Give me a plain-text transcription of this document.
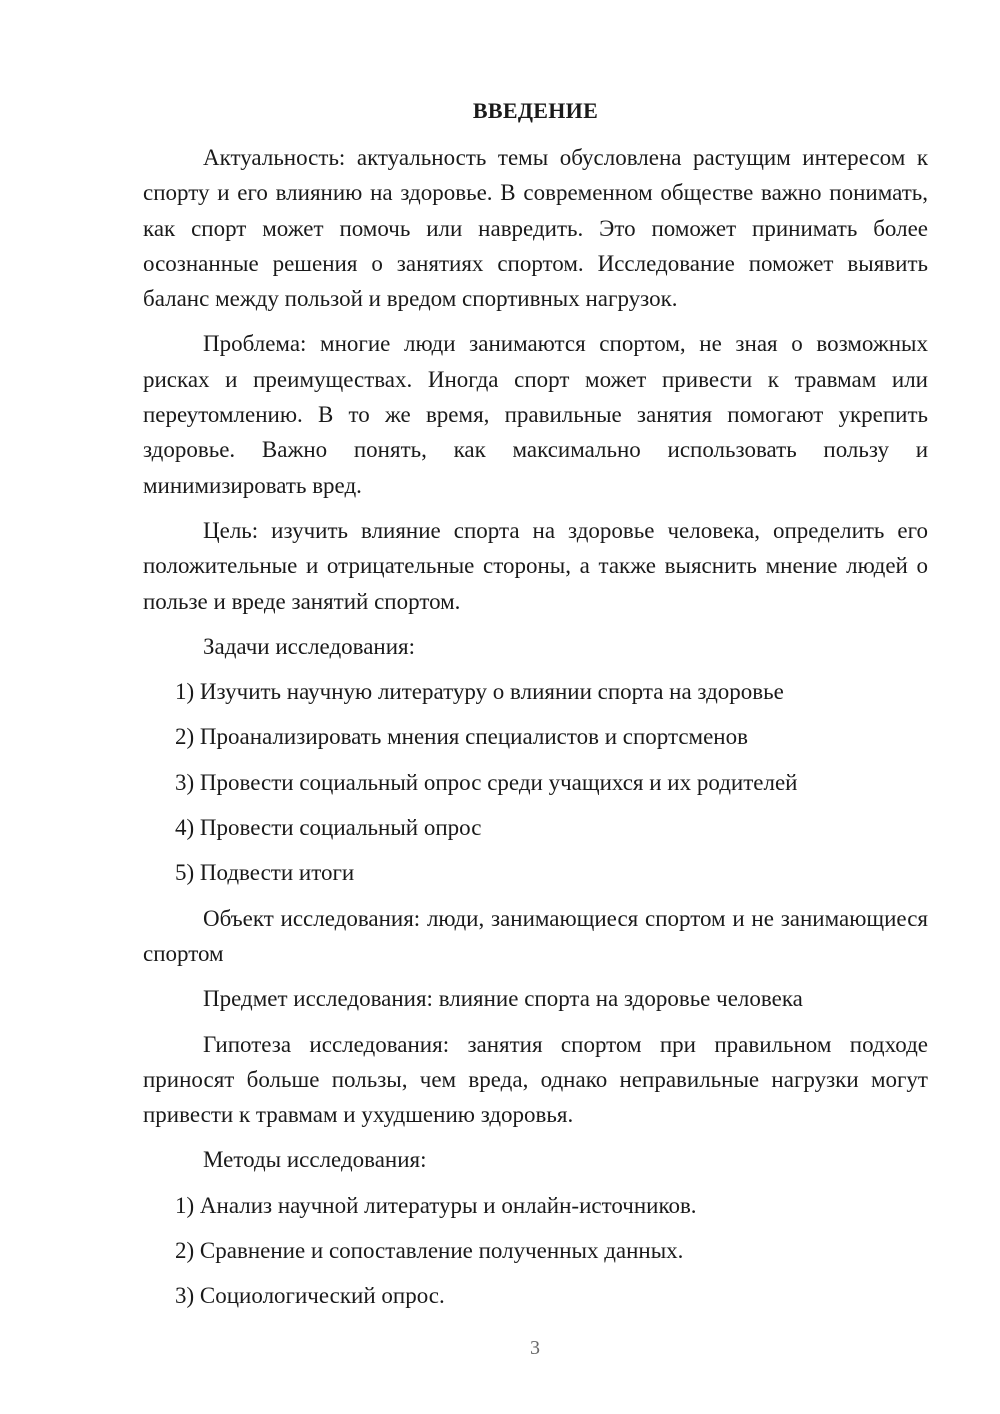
ВВЕДЕНИЕ
Актуальность: актуальность темы обусловлена растущим интересом к спорту и его влиянию на здоровье. В современном обществе важно понимать, как спорт может помочь или навредить. Это поможет принимать более осознанные решения о занятиях спортом. Исследование поможет выявить баланс между пользой и вредом спортивных нагрузок.
Проблема: многие люди занимаются спортом, не зная о возможных рисках и преимуществах. Иногда спорт может привести к травмам или переутомлению. В то же время, правильные занятия помогают укрепить здоровье. Важно понять, как максимально использовать пользу и минимизировать вред.
Цель: изучить влияние спорта на здоровье человека, определить его положительные и отрицательные стороны, а также выяснить мнение людей о пользе и вреде занятий спортом.
Задачи исследования:
1) Изучить научную литературу о влиянии спорта на здоровье
2) Проанализировать мнения специалистов и спортсменов
3) Провести социальный опрос среди учащихся и их родителей
4) Провести социальный опрос
5) Подвести итоги
Объект исследования: люди, занимающиеся спортом и не занимающиеся спортом
Предмет исследования: влияние спорта на здоровье человека
Гипотеза исследования: занятия спортом при правильном подходе приносят больше пользы, чем вреда, однако неправильные нагрузки могут привести к травмам и ухудшению здоровья.
Методы исследования:
1) Анализ научной литературы и онлайн-источников.
2) Сравнение и сопоставление полученных данных.
3) Социологический опрос.
3
